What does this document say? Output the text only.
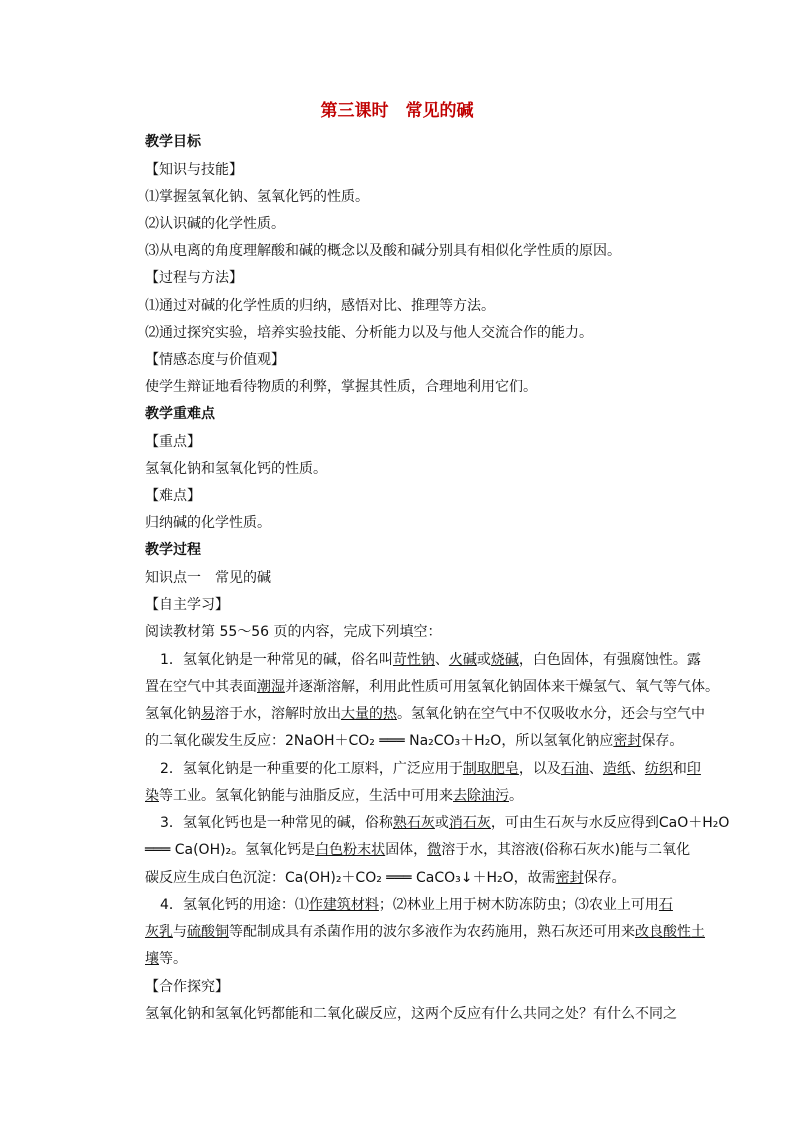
第三课时　常见的碱
教学目标
【知识与技能】
⑴掌握氢氧化钠、氢氧化钙的性质。
⑵认识碱的化学性质。
⑶从电离的角度理解酸和碱的概念以及酸和碱分别具有相似化学性质的原因。
【过程与方法】
⑴通过对碱的化学性质的归纳，感悟对比、推理等方法。
⑵通过探究实验，培养实验技能、分析能力以及与他人交流合作的能力。
【情感态度与价值观】
使学生辩证地看待物质的利弊，掌握其性质，合理地利用它们。
教学重难点
【重点】
氢氧化钠和氢氧化钙的性质。
【难点】
归纳碱的化学性质。
教学过程
知识点一　常见的碱
【自主学习】
阅读教材第 55～56 页的内容，完成下列填空：
1．氢氧化钠是一种常见的碱，俗名叫苛性钠、火碱或烧碱，白色固体，有强腐蚀性。露
置在空气中其表面潮湿并逐渐溶解，利用此性质可用氢氧化钠固体来干燥氢气、氧气等气体。
氢氧化钠易溶于水，溶解时放出大量的热。氢氧化钠在空气中不仅吸收水分，还会与空气中
的二氧化碳发生反应：2NaOH＋CO₂ ═══ Na₂CO₃＋H₂O，所以氢氧化钠应密封保存。
2．氢氧化钠是一种重要的化工原料，广泛应用于制取肥皂，以及石油、造纸、纺织和印
染等工业。氢氧化钠能与油脂反应，生活中可用来去除油污。
3．氢氧化钙也是一种常见的碱，俗称熟石灰或消石灰，可由生石灰与水反应得到CaO＋H₂O
═══ Ca(OH)₂。氢氧化钙是白色粉末状固体，微溶于水，其溶液(俗称石灰水)能与二氧化
碳反应生成白色沉淀：Ca(OH)₂＋CO₂ ═══ CaCO₃↓＋H₂O，故需密封保存。
4．氢氧化钙的用途：⑴作建筑材料；⑵林业上用于树木防冻防虫；⑶农业上可用石
灰乳与硫酸铜等配制成具有杀菌作用的波尔多液作为农药施用，熟石灰还可用来改良酸性土
壤等。
【合作探究】
氢氧化钠和氢氧化钙都能和二氧化碳反应，这两个反应有什么共同之处？有什么不同之
